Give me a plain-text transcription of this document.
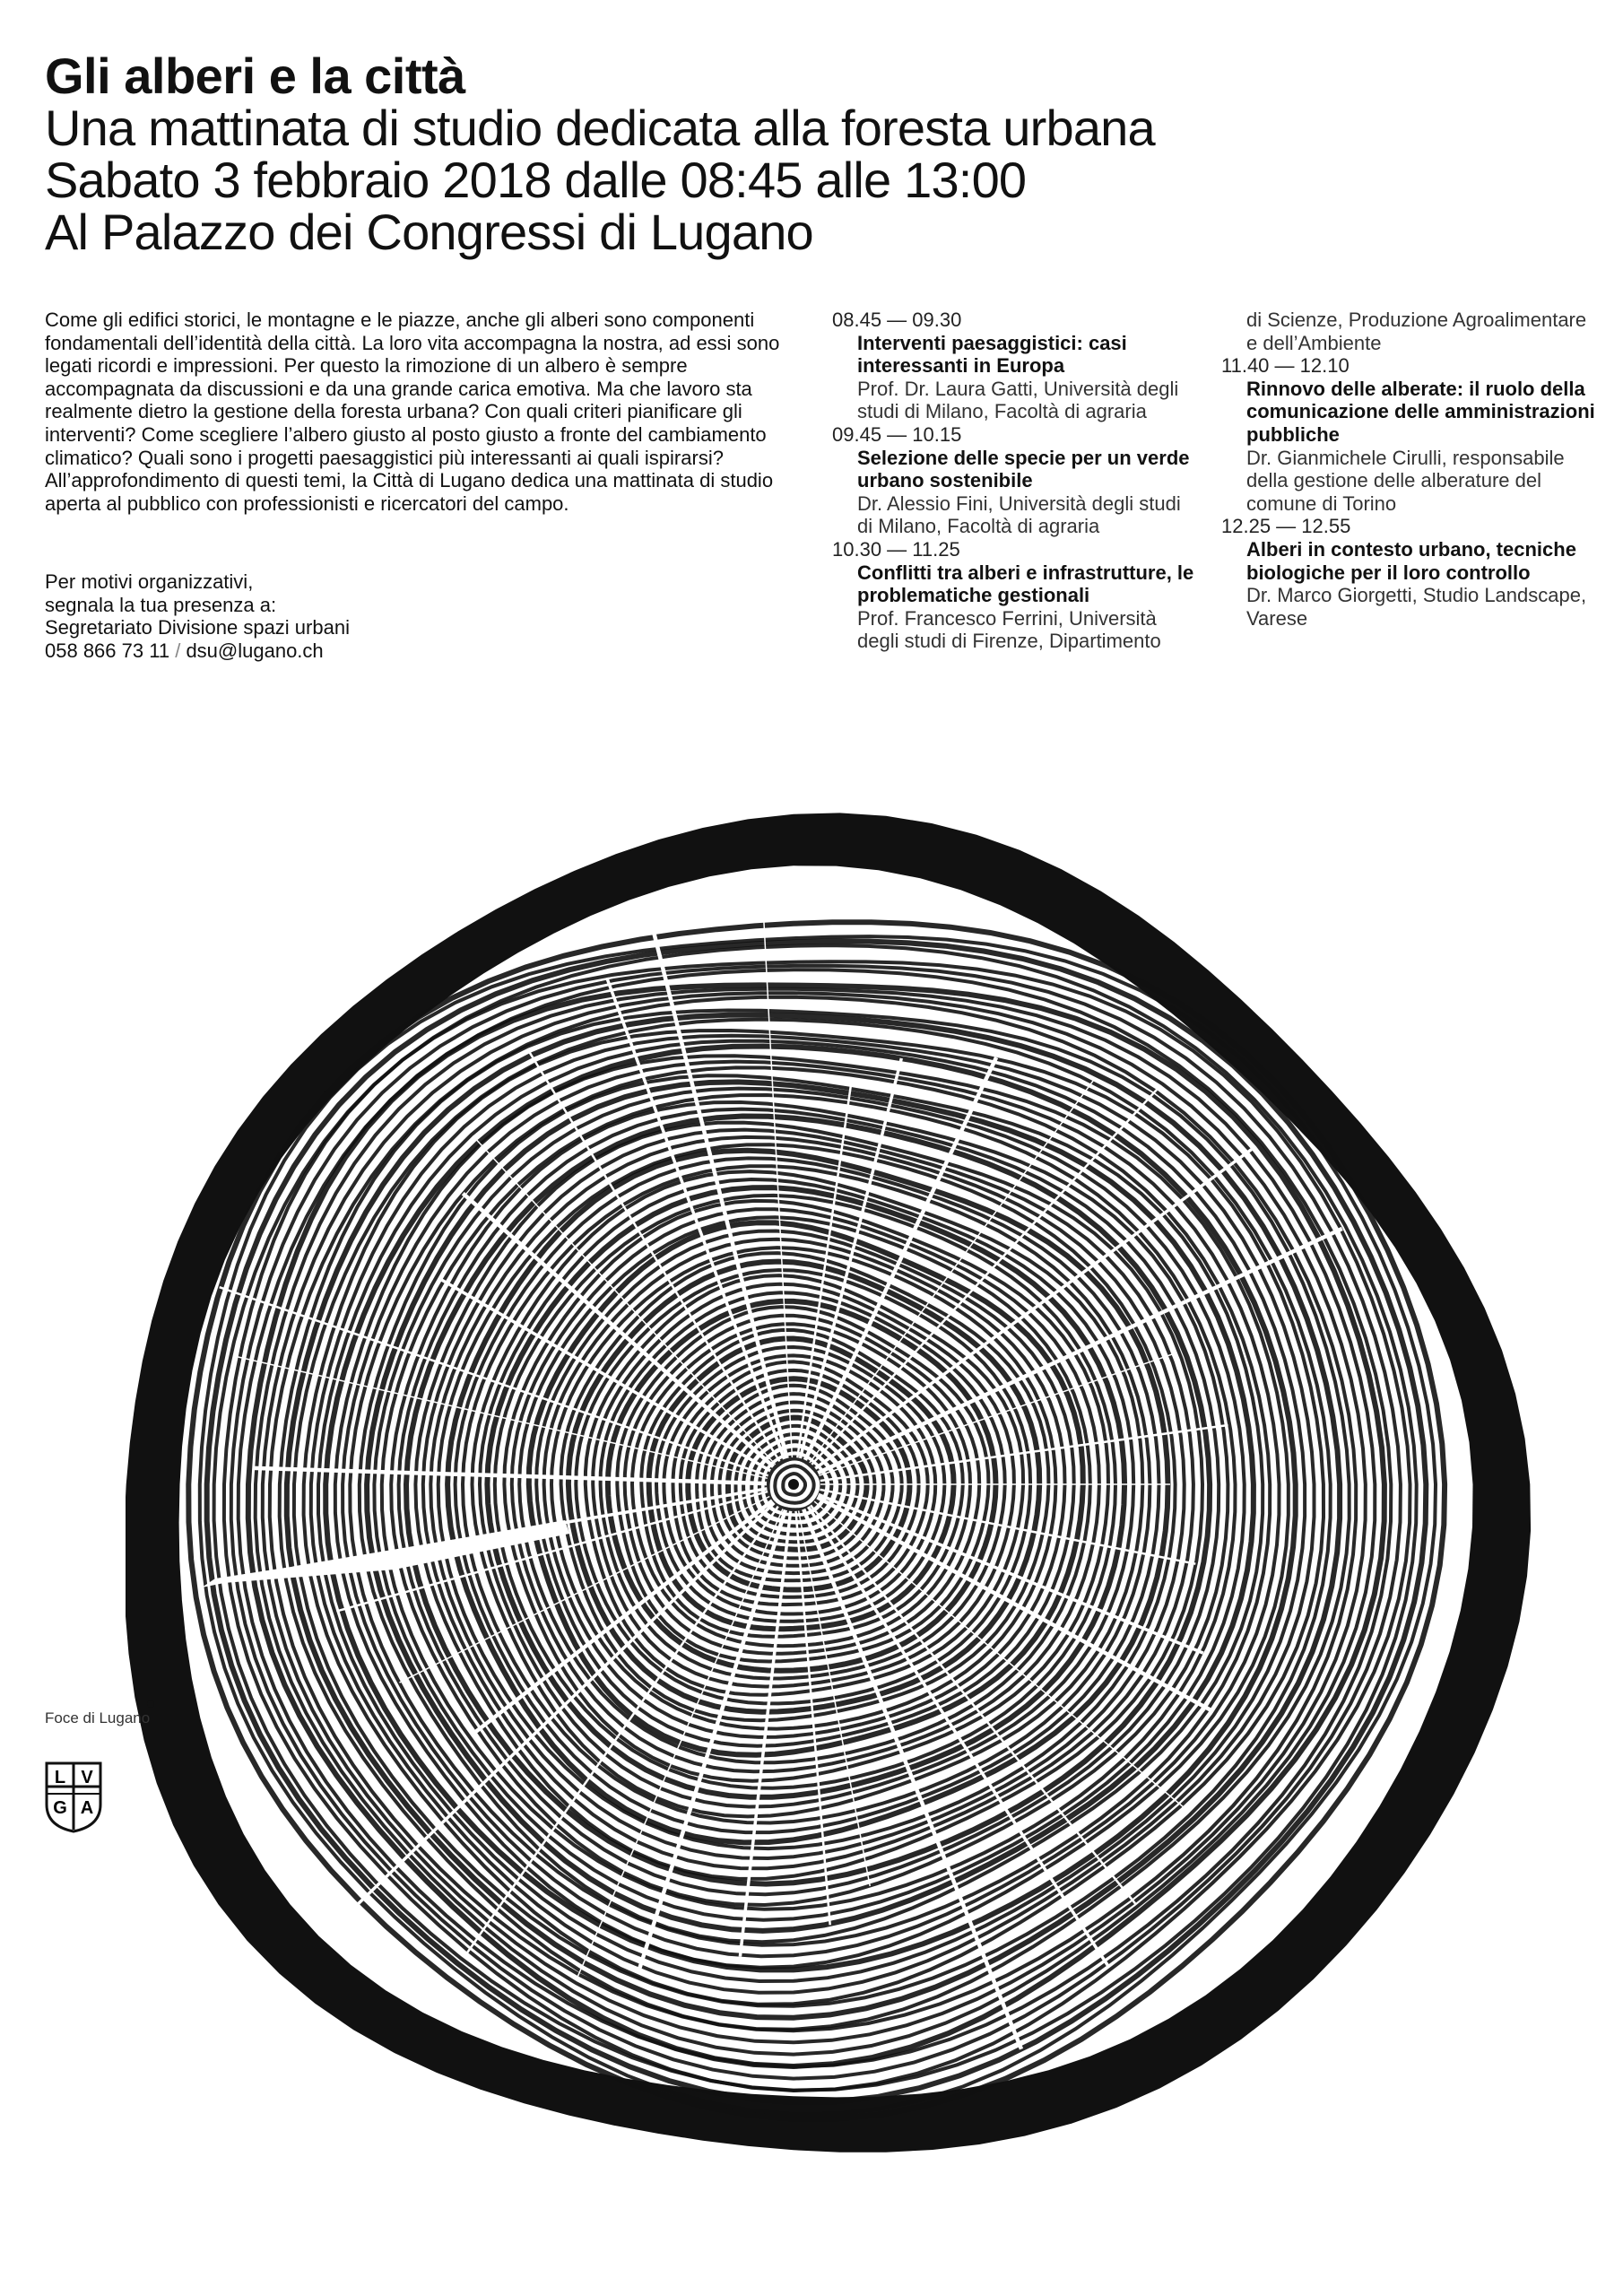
Gli alberi e la città
Una mattinata di studio dedicata alla foresta urbana
Sabato 3 febbraio 2018 dalle 08:45 alle 13:00
Al Palazzo dei Congressi di Lugano

Come gli edifici storici, le montagne e le piazze, anche gli alberi sono componenti fondamentali dell’identità della città. La loro vita accompagna la nostra, ad essi sono legati ricordi e impressioni. Per questo la rimozione di un albero è sempre accompagnata da discussioni e da una grande carica emotiva. Ma che lavoro sta realmente dietro la gestione della foresta urbana? Con quali criteri pianificare gli interventi? Come scegliere l’albero giusto al posto giusto a fronte del cambiamento climatico? Quali sono i progetti paesaggistici più interessanti ai quali ispirarsi? All’approfondimento di questi temi, la Città di Lugano dedica una mattinata di studio aperta al pubblico con professionisti e ricercatori del campo.

Per motivi organizzativi,
segnala la tua presenza a:
Segretariato Divisione spazi urbani
058 866 73 11 / dsu@lugano.ch
08.45 — 09.30
Interventi paesaggistici: casi interessanti in Europa
Prof. Dr. Laura Gatti, Università degli studi di Milano, Facoltà di agraria
09.45 — 10.15
Selezione delle specie per un verde urbano sostenibile
Dr. Alessio Fini, Università degli studi di Milano, Facoltà di agraria
10.30 — 11.25
Conflitti tra alberi e infrastrutture, le problematiche gestionali
Prof. Francesco Ferrini, Università degli studi di Firenze, Dipartimento
di Scienze, Produzione Agroalimentare e dell’Ambiente
11.40 — 12.10
Rinnovo delle alberate: il ruolo della comunicazione delle amministrazioni pubbliche
Dr. Gianmichele Cirulli, responsabile della gestione delle alberature del comune di Torino
12.25 — 12.55
Alberi in contesto urbano, tecniche biologiche per il loro controllo
Dr. Marco Giorgetti, Studio Landscape, Varese
Foce di Lugano
L V
G A
